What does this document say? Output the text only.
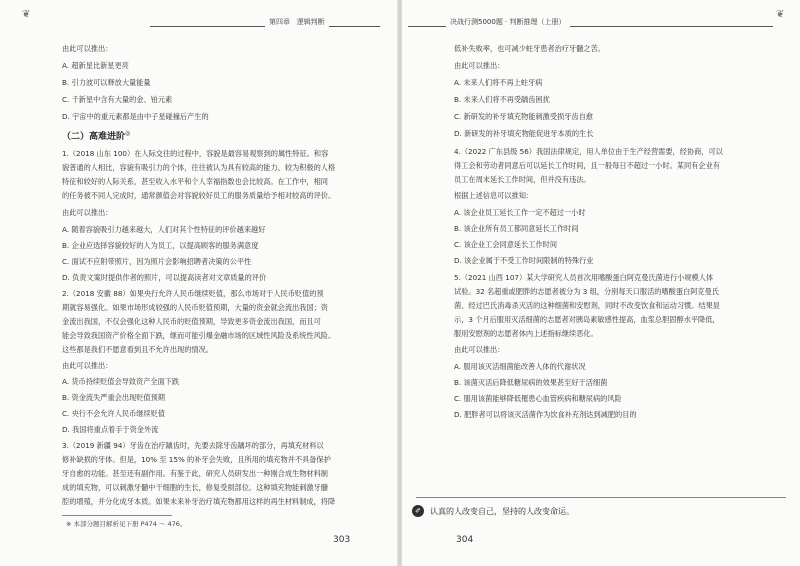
❦
第四章 逻辑判断
由此可以推出：
A. 超新星比新星更亮
B. 引力波可以释放大量能量
C. 千新星中含有大量的金、铂元素
D. 宇宙中的重元素都是由中子星碰撞后产生的
（二）高难进阶◎
1.（2018 山东 100）在人际交往的过程中，容貌是最容易观察到的属性特征。和容
貌普通的人相比，容貌有吸引力的个体，往往被认为具有较高的能力、较为积极的人格
特征和较好的人际关系，甚至收入水平和个人幸福指数也会比较高。在工作中，相同
的任务被不同人完成时，通常颜值会对容貌较好员工的服务质量给予相对较高的评价。
由此可以推出：
A. 随着容貌吸引力越来越大，人们对其个性特征的评价越来越好
B. 企业应选择容貌较好的人为员工，以提高顾客的服务满意度
C. 面试不应附带照片，因为照片会影响招聘者决策的公平性
D. 负责文案时提供作者的照片，可以提高读者对文章质量的评价
2.（2018 安徽 88）如果央行允许人民币继续贬值，那么市场对于人民币贬值的预
期就容易强化。如果市场形成较强的人民币贬值预期，大量的资金就会流出我国；资
金流出我国，不仅会强化这种人民币的贬值预期，导致更多资金流出我国，而且可
能会导致我国资产价格全面下跌，继而可能引爆金融市场的区域性风险及系统性风险。
这些都是我们不愿意看到且不允许出现的情况。
由此可以推出：
A. 货币持续贬值会导致资产全面下跌
B. 资金流失严重会出现贬值预期
C. 央行不会允许人民币继续贬值
D. 我国将重点着手于资金外流
3.（2019 新疆 94）牙齿在治疗龋齿时，先要去除牙齿龋坏的部分，再填充材料以
修补缺损的牙体。但是，10% 至 15% 的补牙会失败，且所用的填充物并不具备保护
牙自愈的功能。甚至还有副作用。有鉴于此，研究人员研发出一种刚合成生物材料制
成的填充物，可以刺激牙髓中干细胞的生长，修复受损部位。这种填充物能刺激牙髓
腔的增殖，并分化成牙本质。如果未来补牙治疗填充物都用这样的再生材料制成，将降
※ 本部分题目解析见下册 P474 ～ 476。
303
决战行测5000题 · 判断推理（上册）
❦
低补失败率，也可减少蛀牙患者治疗牙髓之苦。
由此可以推出：
A. 未来人们将不再上蛀牙病
B. 未来人们将不再受龋齿困扰
C. 新研发的补牙填充物能刺激受损牙齿自愈
D. 新研发的补牙填充物能促进牙本质的生长
4.（2022 广东县级 56）我国法律规定，用人单位由于生产经营需要，经协商，可以
得工会和劳动者同意后可以延长工作时间，且一般每日不超过一小时。某同有企业有
员工在周末延长工作时间，但并没有违法。
根据上述信息可以推知：
A. 该企业员工延长工作一定不超过一小时
B. 该企业所有员工都同意延长工作时间
C. 该企业工会同意延长工作时间
D. 该企业属于不受工作时间限制的特殊行业
5.（2021 山西 107）某大学研究人员首次用嗜酸蛋白阿克曼氏菌进行小规模人体
试验。32 名超重或肥胖的志愿者被分为 3 组，分别每天口服活的嗜酸蛋白阿克曼氏
菌、经过巴氏消毒杀灭活的这种细菌和安慰剂，同时不改变饮食和运动习惯。结果显
示，3 个月后服用灭活细菌的志愿者对胰岛素敏感性提高，血浆总胆固醇水平降低，
服用安慰剂的志愿者体内上述指标继续恶化。
由此可以推出：
A. 服用该灭活细菌能改善人体的代谢状况
B. 该菌灭活后降低糖尿病的效果甚至好于活细菌
C. 服用该菌能够降低罹患心血管疾病和糖尿病的风险
D. 肥胖者可以将该灭活菌作为饮食补充剂达到减肥的目的
✐	认真的人改变自己，坚持的人改变命运。
304
